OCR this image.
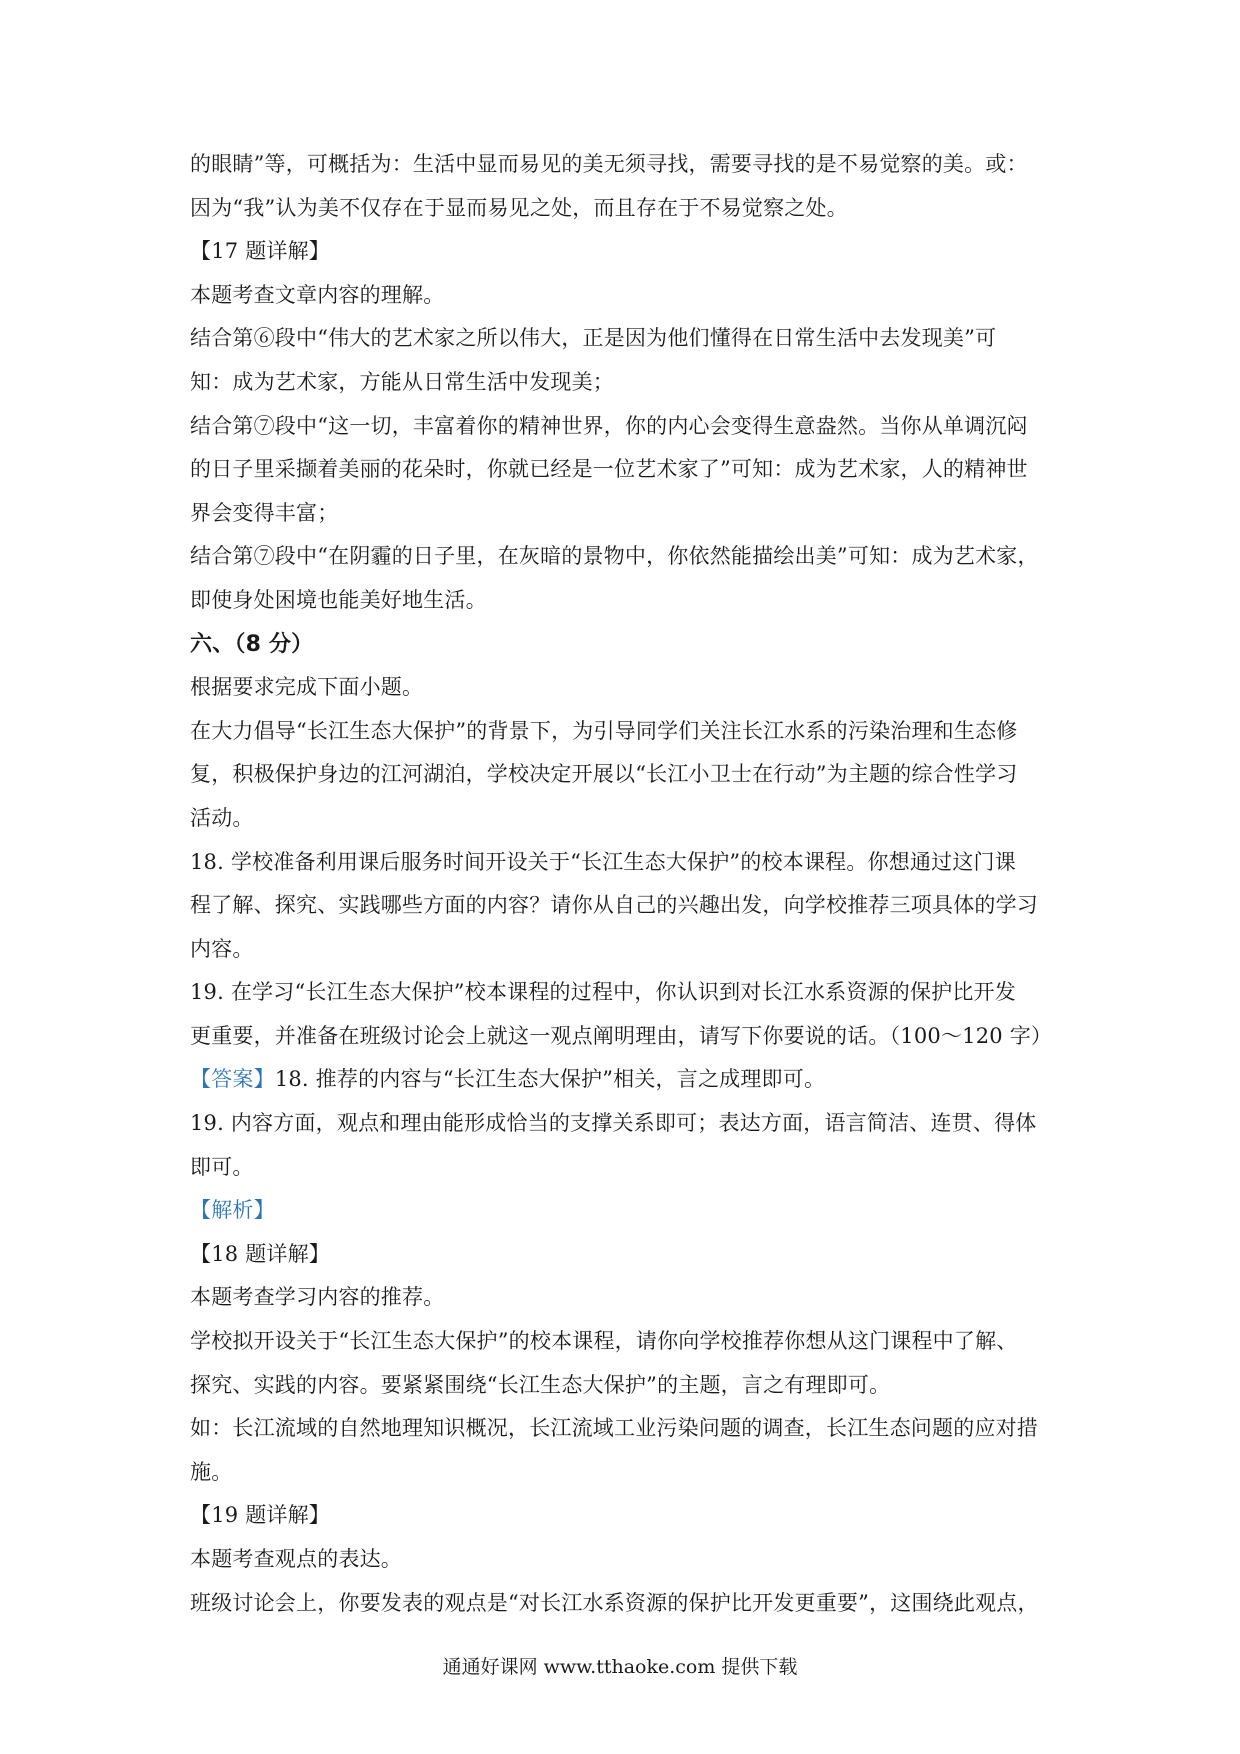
的眼睛”等，可概括为：生活中显而易见的美无须寻找，需要寻找的是不易觉察的美。或：

因为“我”认为美不仅存在于显而易见之处，而且存在于不易觉察之处。

【17 题详解】

本题考查文章内容的理解。

结合第⑥段中“伟大的艺术家之所以伟大，正是因为他们懂得在日常生活中去发现美”可

知：成为艺术家，方能从日常生活中发现美；

结合第⑦段中“这一切，丰富着你的精神世界，你的内心会变得生意盎然。当你从单调沉闷

的日子里采撷着美丽的花朵时，你就已经是一位艺术家了”可知：成为艺术家，人的精神世

界会变得丰富；

结合第⑦段中“在阴霾的日子里，在灰暗的景物中，你依然能描绘出美”可知：成为艺术家，

即使身处困境也能美好地生活。

六、（8 分）

根据要求完成下面小题。

在大力倡导“长江生态大保护”的背景下，为引导同学们关注长江水系的污染治理和生态修

复，积极保护身边的江河湖泊，学校决定开展以“长江小卫士在行动”为主题的综合性学习

活动。

18. 学校准备利用课后服务时间开设关于“长江生态大保护”的校本课程。你想通过这门课

程了解、探究、实践哪些方面的内容？请你从自己的兴趣出发，向学校推荐三项具体的学习

内容。

19. 在学习“长江生态大保护”校本课程的过程中，你认识到对长江水系资源的保护比开发

更重要，并准备在班级讨论会上就这一观点阐明理由，请写下你要说的话。（100～120 字）

【答案】18. 推荐的内容与“长江生态大保护”相关，言之成理即可。

19. 内容方面，观点和理由能形成恰当的支撑关系即可；表达方面，语言简洁、连贯、得体

即可。

【解析】

【18 题详解】

本题考查学习内容的推荐。

学校拟开设关于“长江生态大保护”的校本课程，请你向学校推荐你想从这门课程中了解、

探究、实践的内容。要紧紧围绕“长江生态大保护”的主题，言之有理即可。

如：长江流域的自然地理知识概况，长江流域工业污染问题的调查，长江生态问题的应对措

施。

【19 题详解】

本题考查观点的表达。

班级讨论会上，你要发表的观点是“对长江水系资源的保护比开发更重要”，这围绕此观点，

通通好课网 www.tthaoke.com 提供下载
